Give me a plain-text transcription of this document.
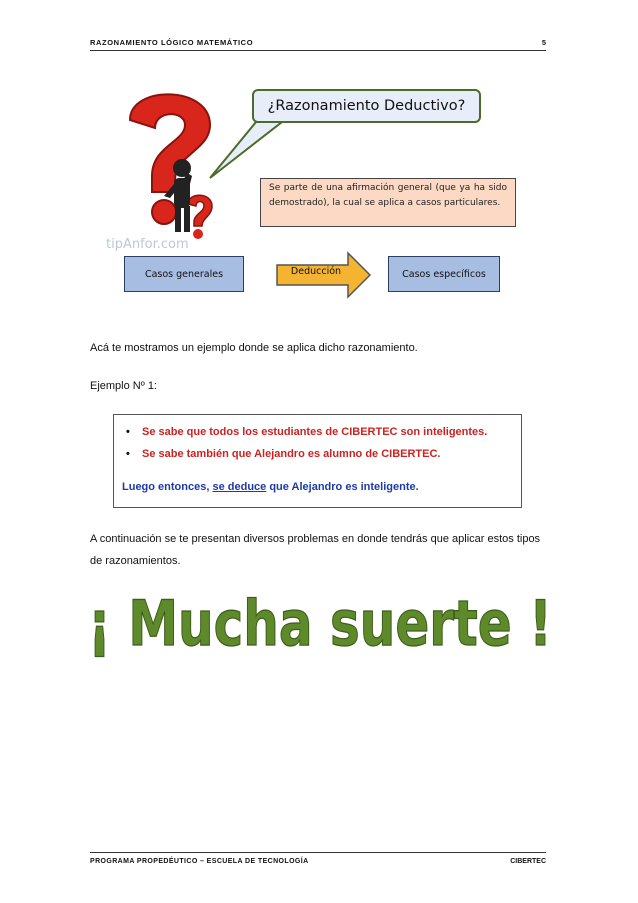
RAZONAMIENTO LÓGICO MATEMÁTICO	5
tipAnfor.com
¿Razonamiento Deductivo?
Se parte de una afirmación general (que ya ha sido demostrado), la cual se aplica a casos particulares.
Casos generales	Deducción	Casos específicos
Acá te mostramos un ejemplo donde se aplica dicho razonamiento.
Ejemplo Nº 1:
• Se sabe que todos los estudiantes de CIBERTEC son inteligentes.
• Se sabe también que Alejandro es alumno de CIBERTEC.
Luego entonces, se deduce que Alejandro es inteligente.
A continuación se te presentan diversos problemas en donde tendrás que aplicar estos tipos de razonamientos.
¡ Mucha suerte !
PROGRAMA PROPEDÉUTICO – ESCUELA DE TECNOLOGÍA	CIBERTEC
